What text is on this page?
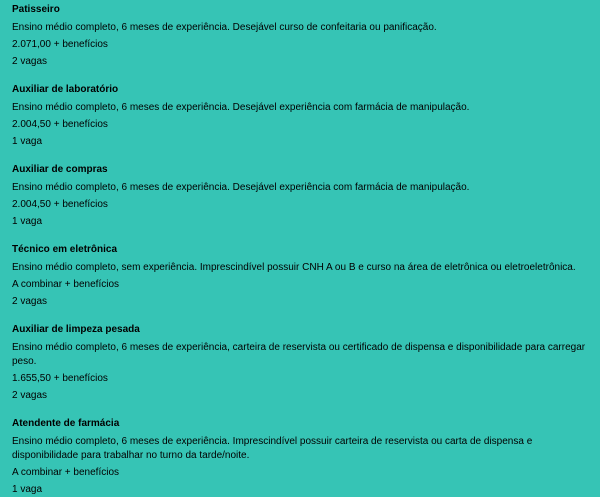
Patisseiro
Ensino médio completo, 6 meses de experiência. Desejável curso de confeitaria ou panificação.
2.071,00 + benefícios
2 vagas
Auxiliar de laboratório
Ensino médio completo, 6 meses de experiência. Desejável experiência com farmácia de manipulação.
2.004,50 + benefícios
1 vaga
Auxiliar de compras
Ensino médio completo, 6 meses de experiência. Desejável experiência com farmácia de manipulação.
2.004,50 + benefícios
1 vaga
Técnico em eletrônica
Ensino médio completo, sem experiência. Imprescindível possuir CNH A ou B e curso na área de eletrônica ou eletroeletrônica.
A combinar + benefícios
2 vagas
Auxiliar de limpeza pesada
Ensino médio completo, 6 meses de experiência, carteira de reservista ou certificado de dispensa e disponibilidade para carregar peso.
1.655,50 + benefícios
2 vagas
Atendente de farmácia
Ensino médio completo, 6 meses de experiência. Imprescindível possuir carteira de reservista ou carta de dispensa e disponibilidade para trabalhar no turno da tarde/noite.
A combinar + benefícios
1 vaga
